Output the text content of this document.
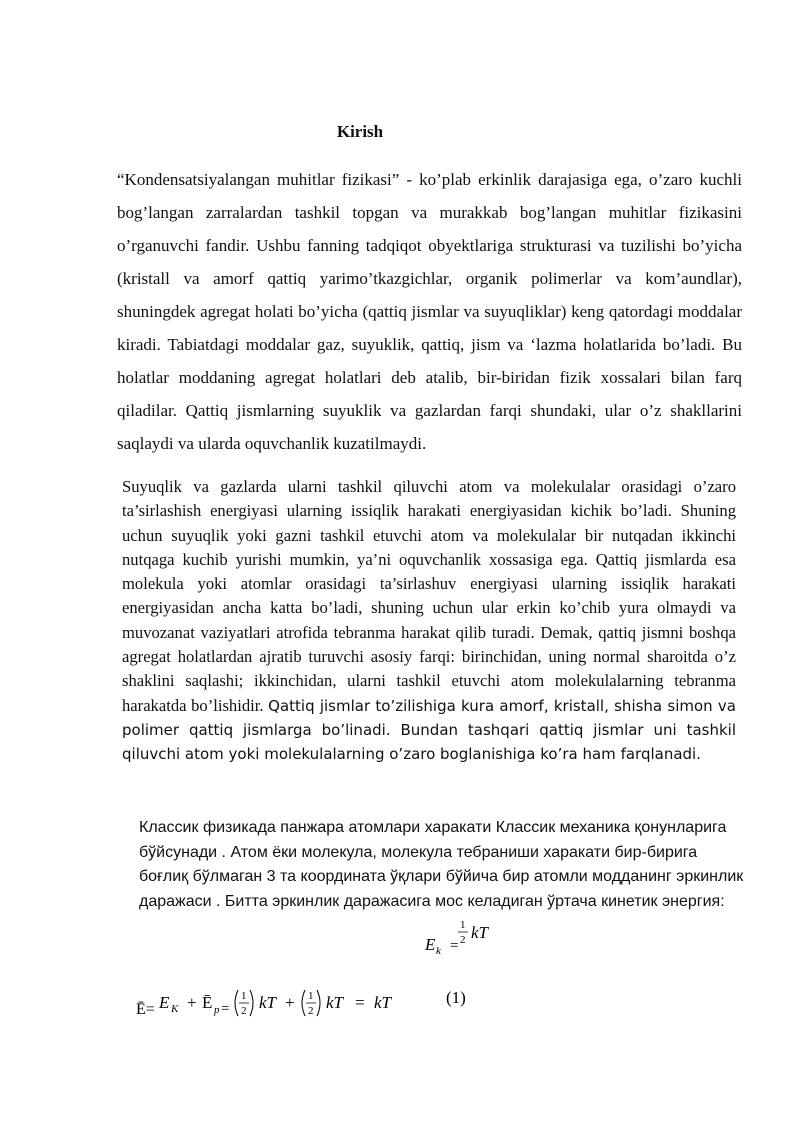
Kirish

“Kondensatsiyalangan muhitlar fizikasi” - ko’plab erkinlik darajasiga ega, o’zaro kuchli bog’langan zarralardan tashkil topgan va murakkab bog’langan muhitlar fizikasini o’rganuvchi fandir. Ushbu fanning tadqiqot obyektlariga strukturasi va tuzilishi bo’yicha (kristall va amorf qattiq yarimo’tkazgichlar, organik polimerlar va kom’aundlar), shuningdek agregat holati bo’yicha (qattiq jismlar va suyuqliklar) keng qatordagi moddalar kiradi. Tabiatdagi moddalar gaz, suyuklik, qattiq, jism va ‘lazma holatlarida bo’ladi. Bu holatlar moddaning agregat holatlari deb atalib, bir-biridan fizik xossalari bilan farq qiladilar. Qattiq jismlarning suyuklik va gazlardan farqi shundaki, ular o’z shakllarini saqlaydi va ularda oquvchanlik kuzatilmaydi.

Suyuqlik va gazlarda ularni tashkil qiluvchi atom va molekulalar orasidagi o’zaro ta’sirlashish energiyasi ularning issiqlik harakati energiyasidan kichik bo’ladi. Shuning uchun suyuqlik yoki gazni tashkil etuvchi atom va molekulalar bir nutqadan ikkinchi nutqaga kuchib yurishi mumkin, ya’ni oquvchanlik xossasiga ega. Qattiq jismlarda esa molekula yoki atomlar orasidagi ta’sirlashuv energiyasi ularning issiqlik harakati energiyasidan ancha katta bo’ladi, shuning uchun ular erkin ko’chib yura olmaydi va muvozanat vaziyatlari atrofida tebranma harakat qilib turadi. Demak, qattiq jismni boshqa agregat holatlardan ajratib turuvchi asosiy farqi: birinchidan, uning normal sharoitda o’z shaklini saqlashi; ikkinchidan, ularni tashkil etuvchi atom molekulalarning tebranma harakatda bo’lishidir. Qattiq jismlar to’zilishiga kura amorf, kristall, shisha simon va polimer qattiq jismlarga bo’linadi. Bundan tashqari qattiq jismlar uni tashkil qiluvchi atom yoki molekulalarning o’zaro boglanishiga ko’ra ham farqlanadi.

Классик физикада панжара атомлари харакати Классик механика қонунларига бўйсунади . Атом ёки молекула, молекула тебраниши харакати бир-бирига боғлиқ бўлмаган 3 та координата ўқлари бўйича бир атомли модданинг эркинлик даражаси . Битта эркинлик даражасига мос келадиган ўртача кинетик энергия:

E k =
1
2 kT
Ē= E K + Ē p =
1
2 kT + 1
2 kT = kT	(1)
